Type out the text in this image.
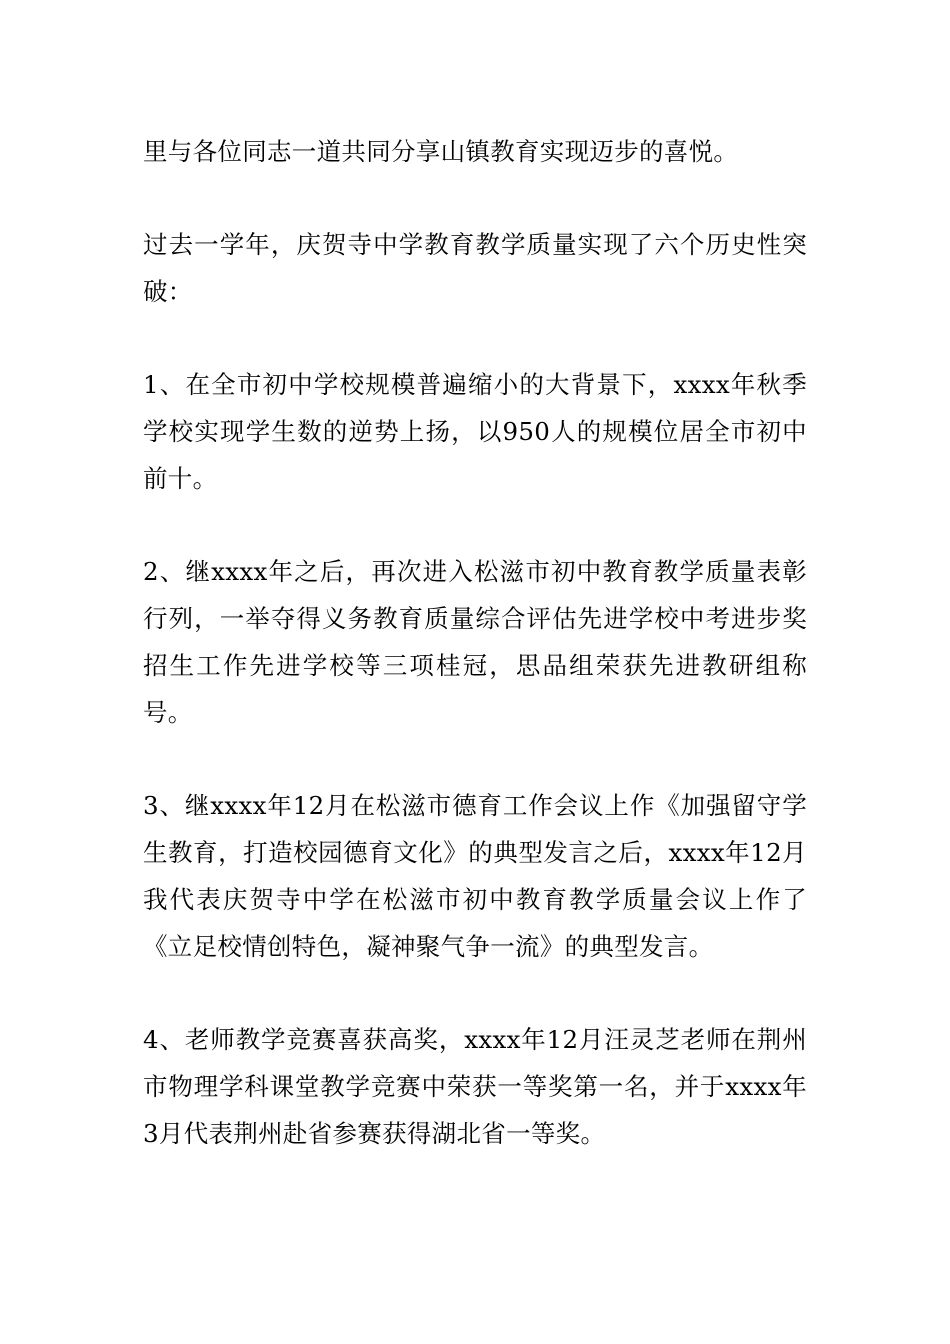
里与各位同志一道共同分享山镇教育实现迈步的喜悦。

过去一学年，庆贺寺中学教育教学质量实现了六个历史性突破：

1、在全市初中学校规模普遍缩小的大背景下，xxxx年秋季学校实现学生数的逆势上扬，以950人的规模位居全市初中前十。

2、继xxxx年之后，再次进入松滋市初中教育教学质量表彰行列，一举夺得义务教育质量综合评估先进学校中考进步奖招生工作先进学校等三项桂冠，思品组荣获先进教研组称号。

3、继xxxx年12月在松滋市德育工作会议上作《加强留守学生教育，打造校园德育文化》的典型发言之后，xxxx年12月我代表庆贺寺中学在松滋市初中教育教学质量会议上作了《立足校情创特色，凝神聚气争一流》的典型发言。

4、老师教学竞赛喜获高奖，xxxx年12月汪灵芝老师在荆州市物理学科课堂教学竞赛中荣获一等奖第一名，并于xxxx年3月代表荆州赴省参赛获得湖北省一等奖。
